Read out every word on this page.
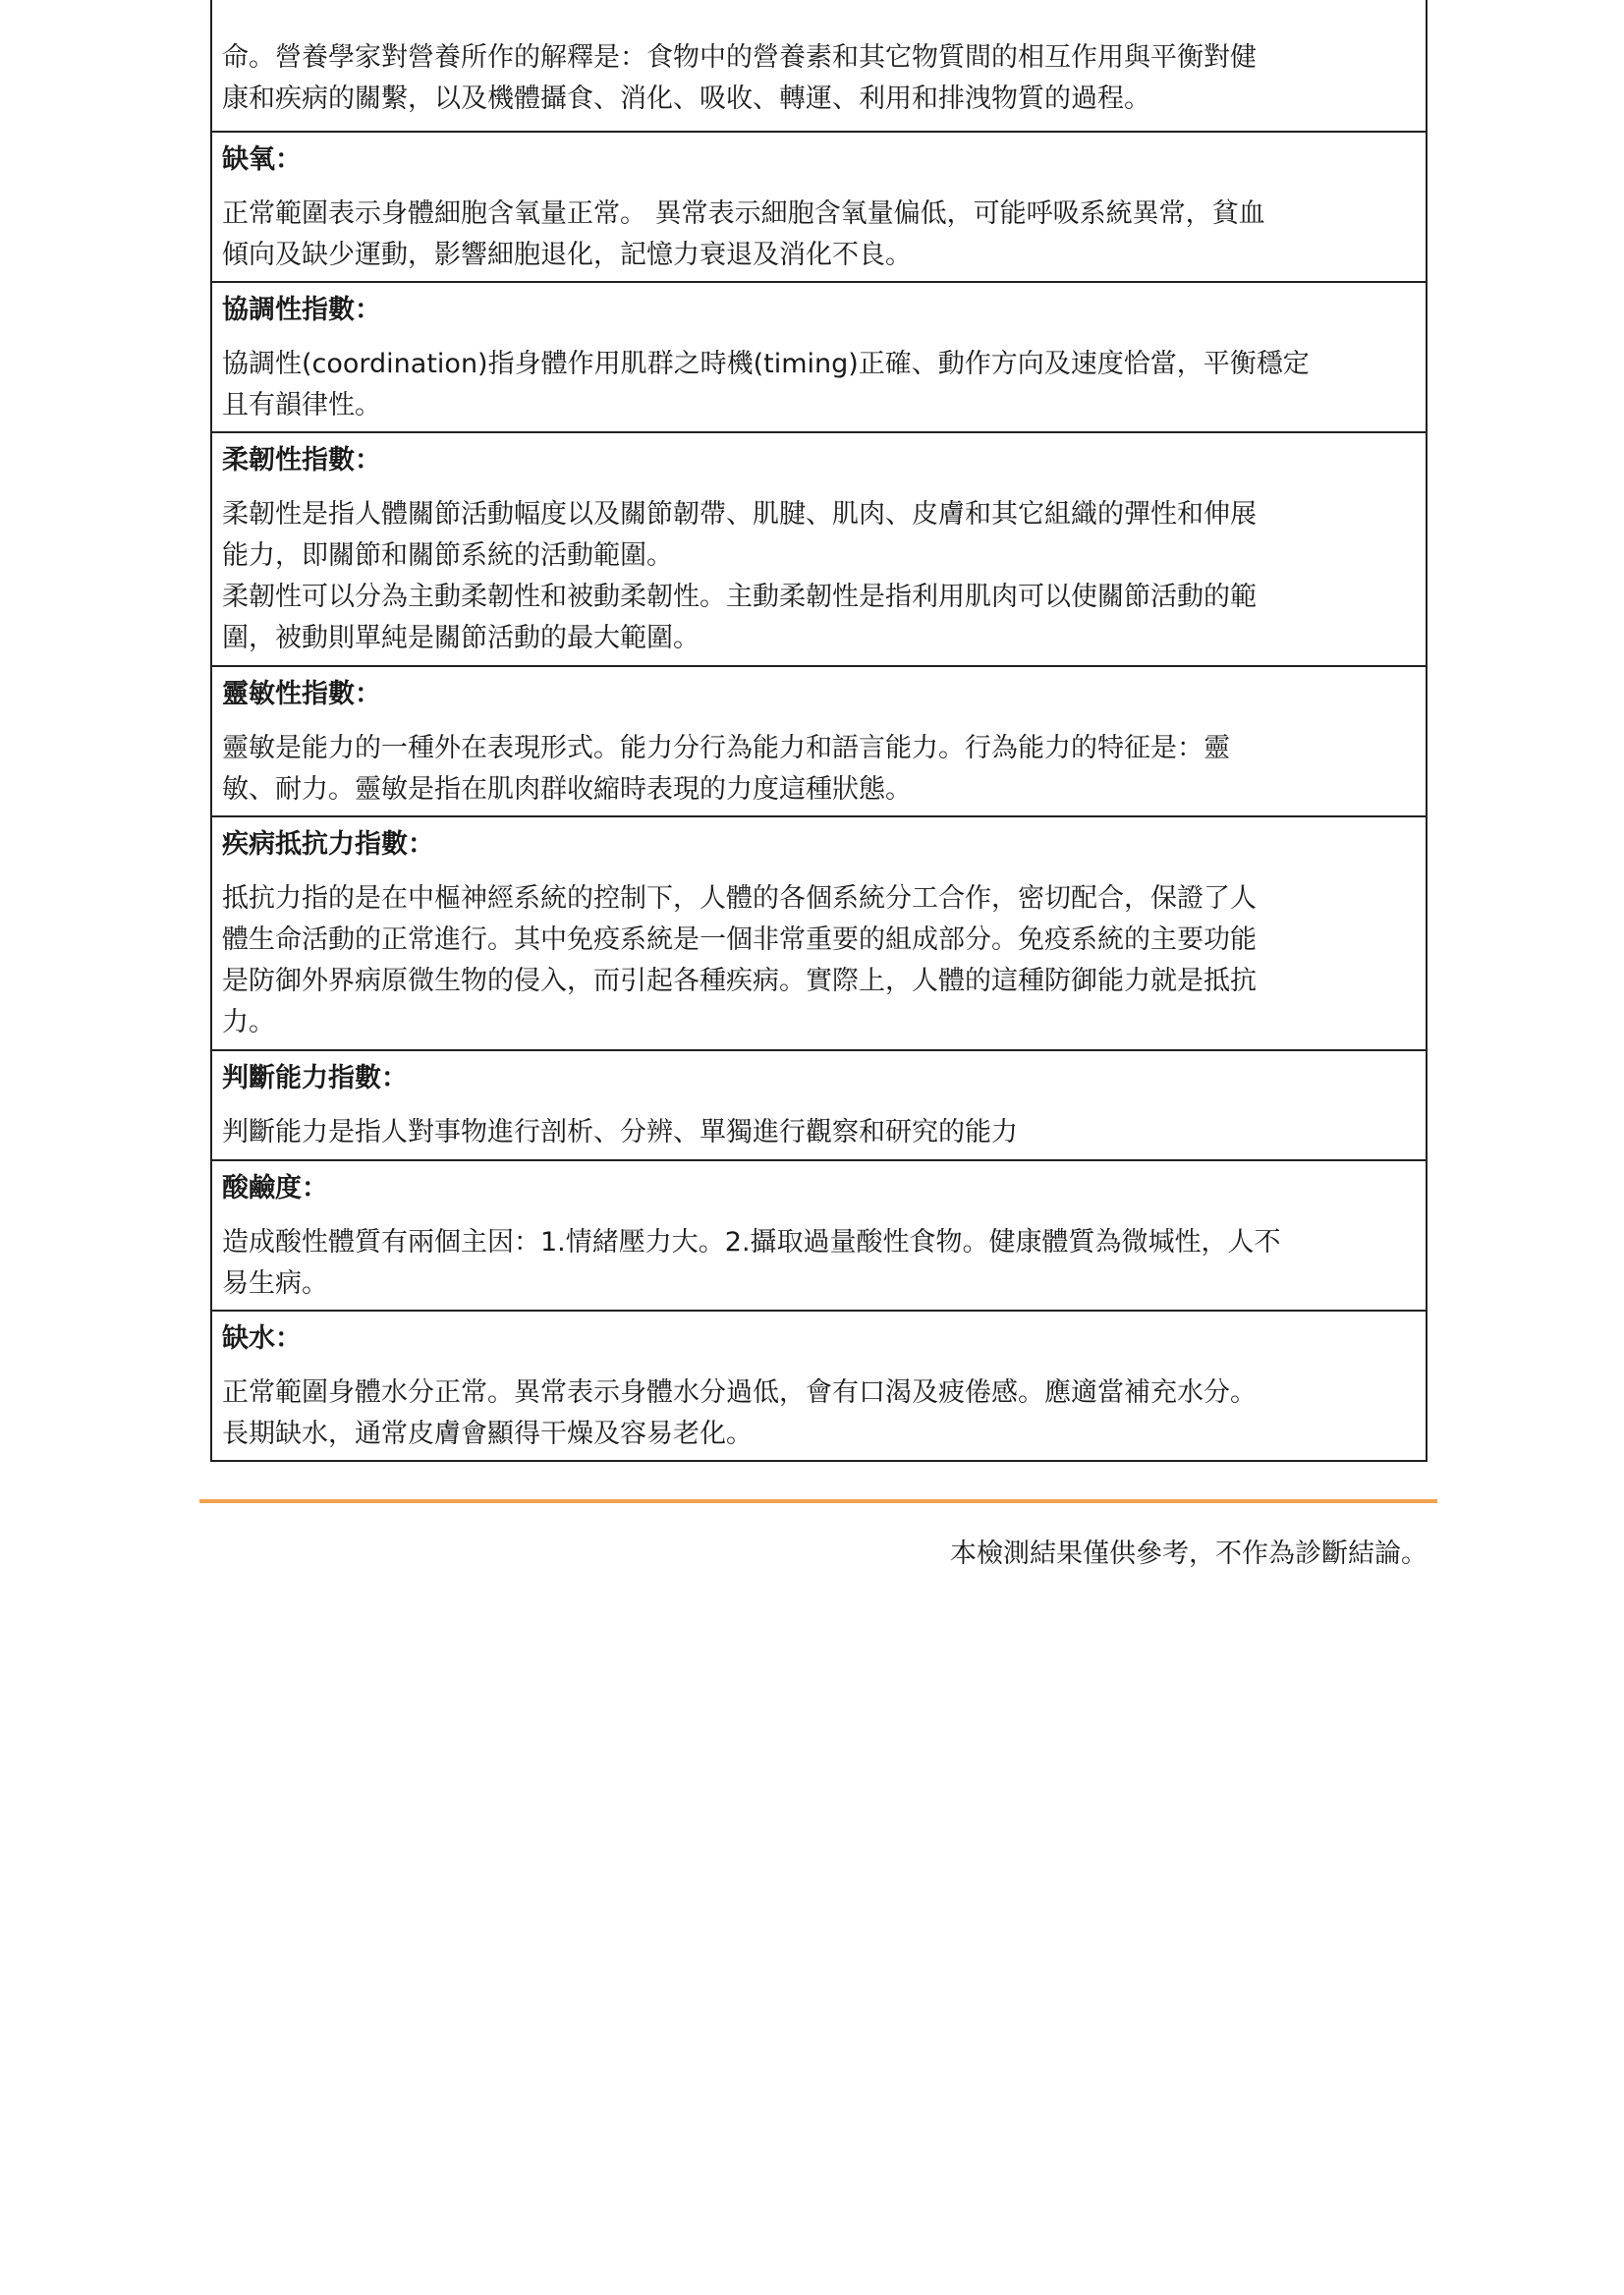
命。營養學家對營養所作的解釋是：食物中的營養素和其它物質間的相互作用與平衡對健
康和疾病的關繫，以及機體攝食、消化、吸收、轉運、利用和排洩物質的過程。
缺氧：
正常範圍表示身體細胞含氧量正常。 異常表示細胞含氧量偏低，可能呼吸系統異常，貧血
傾向及缺少運動，影響細胞退化，記憶力衰退及消化不良。
協調性指數：
協調性(coordination)指身體作用肌群之時機(timing)正確、動作方向及速度恰當，平衡穩定
且有韻律性。
柔韌性指數：
柔韌性是指人體關節活動幅度以及關節韌帶、肌腱、肌肉、皮膚和其它組織的彈性和伸展
能力，即關節和關節系統的活動範圍。
柔韌性可以分為主動柔韌性和被動柔韌性。主動柔韌性是指利用肌肉可以使關節活動的範
圍，被動則單純是關節活動的最大範圍。
靈敏性指數：
靈敏是能力的一種外在表現形式。能力分行為能力和語言能力。行為能力的特征是：靈
敏、耐力。靈敏是指在肌肉群收縮時表現的力度這種狀態。
疾病抵抗力指數：
抵抗力指的是在中樞神經系統的控制下，人體的各個系統分工合作，密切配合，保證了人
體生命活動的正常進行。其中免疫系統是一個非常重要的組成部分。免疫系統的主要功能
是防御外界病原微生物的侵入，而引起各種疾病。實際上，人體的這種防御能力就是抵抗
力。
判斷能力指數：
判斷能力是指人對事物進行剖析、分辨、單獨進行觀察和研究的能力
酸鹼度：
造成酸性體質有兩個主因：1.情緒壓力大。2.攝取過量酸性食物。健康體質為微堿性，人不
易生病。
缺水：
正常範圍身體水分正常。異常表示身體水分過低，會有口渴及疲倦感。應適當補充水分。
長期缺水，通常皮膚會顯得干燥及容易老化。
本檢測結果僅供參考，不作為診斷結論。
